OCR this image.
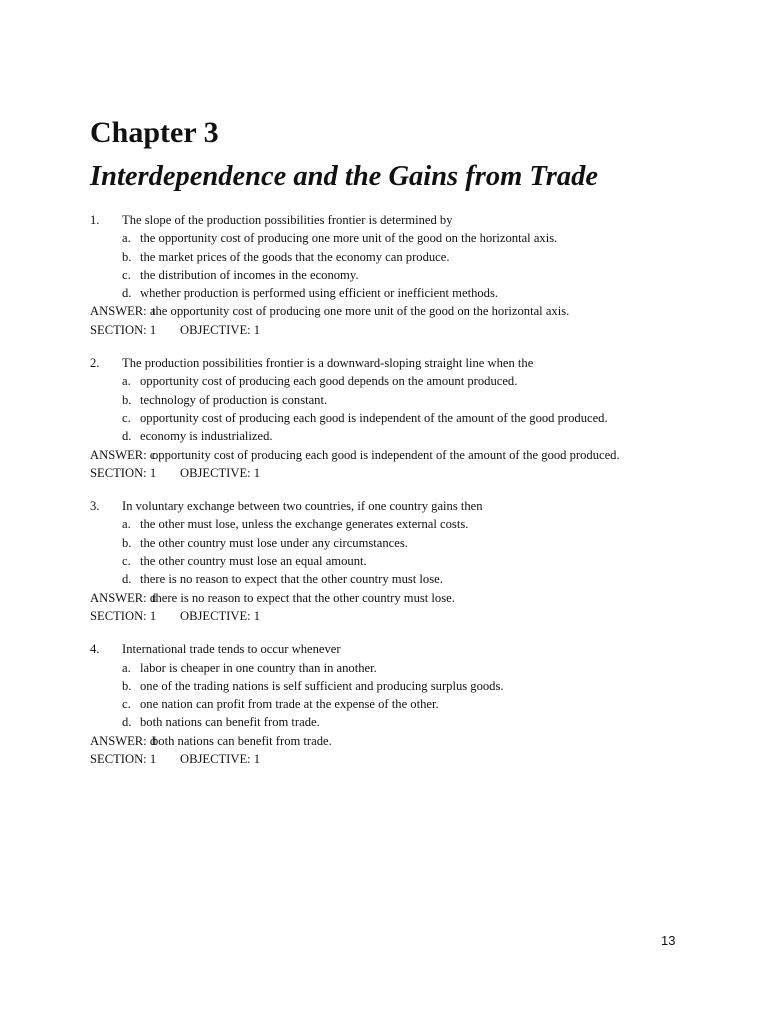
Chapter 3
Interdependence and the Gains from Trade
1.	The slope of the production possibilities frontier is determined by
a. the opportunity cost of producing one more unit of the good on the horizontal axis.
b. the market prices of the goods that the economy can produce.
c. the distribution of incomes in the economy.
d. whether production is performed using efficient or inefficient methods.
ANSWER: athe opportunity cost of producing one more unit of the good on the horizontal axis.
SECTION: 1	OBJECTIVE: 1
2.	The production possibilities frontier is a downward-sloping straight line when the
a. opportunity cost of producing each good depends on the amount produced.
b. technology of production is constant.
c. opportunity cost of producing each good is independent of the amount of the good produced.
d. economy is industrialized.
ANSWER: copportunity cost of producing each good is independent of the amount of the good produced.
SECTION: 1	OBJECTIVE: 1
3.	In voluntary exchange between two countries, if one country gains then
a. the other must lose, unless the exchange generates external costs.
b. the other country must lose under any circumstances.
c. the other country must lose an equal amount.
d. there is no reason to expect that the other country must lose.
ANSWER: dthere is no reason to expect that the other country must lose.
SECTION: 1	OBJECTIVE: 1
4.	International trade tends to occur whenever
a. labor is cheaper in one country than in another.
b. one of the trading nations is self sufficient and producing surplus goods.
c. one nation can profit from trade at the expense of the other.
d. both nations can benefit from trade.
ANSWER: dboth nations can benefit from trade.
SECTION: 1	OBJECTIVE: 1
13
